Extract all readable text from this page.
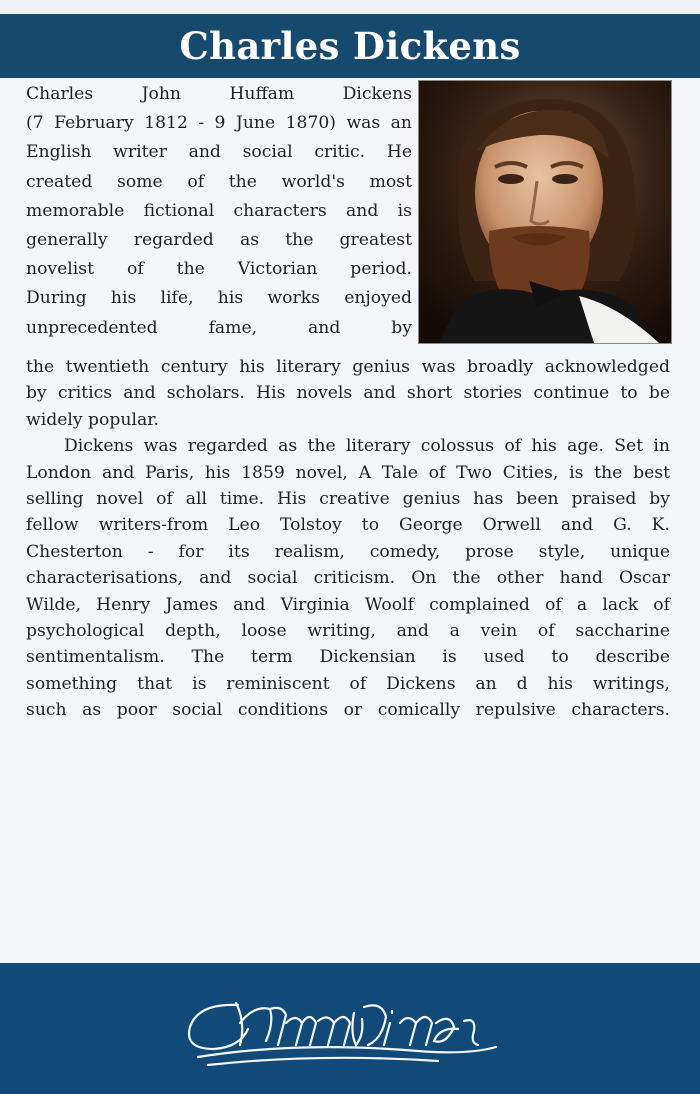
Charles Dickens
Charles John Huffam Dickens
(7 February 1812 - 9 June 1870) was an
English writer and social critic. He
created some of the world's most
memorable fictional characters and is
generally regarded as the greatest
novelist of the Victorian period.
During his life, his works enjoyed
unprecedented fame, and by
the twentieth century his literary genius was broadly acknowledged
by critics and scholars. His novels and short stories continue to be
widely popular.
Dickens was regarded as the literary colossus of his age. Set in
London and Paris, his 1859 novel, A Tale of Two Cities, is the best
selling novel of all time. His creative genius has been praised by
fellow writers-from Leo Tolstoy to George Orwell and G. K.
Chesterton - for its realism, comedy, prose style, unique
characterisations, and social criticism. On the other hand Oscar
Wilde, Henry James and Virginia Woolf complained of a lack of
psychological depth, loose writing, and a vein of saccharine
sentimentalism. The term Dickensian is used to describe
something that is reminiscent of Dickens an d his writings,
such as poor social conditions or comically repulsive characters.
